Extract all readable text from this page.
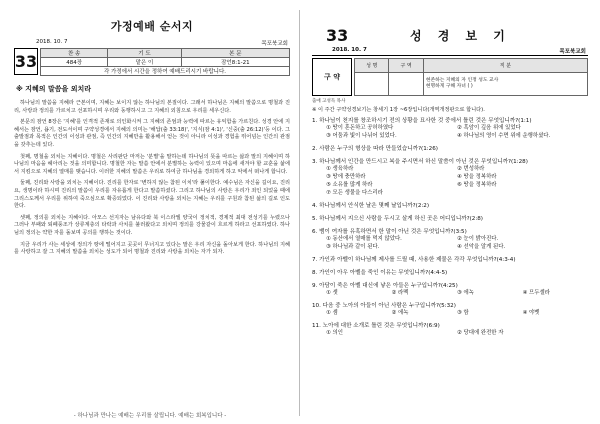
가정예배 순서지
2018. 10. 7	목포북교회
33	찬 송	기 도	본 문
484장	맡은 이	잠언8:1-21
각 가정에서 시간을 정하여 예배드리시기 바랍니다.		
※ 지혜의 말씀을 외치라

하나님의 말씀을 지혜라 근본이며, 지혜는 보이지 않는 하나님의 본질이다. 그래서 하나님은 지혜의 말씀으로 명철과 진리, 사랑과 정의를 가르치고 선포하시며 우리와 동행하시고 그 지혜의 외침으로 우리를 세우신다.

본문의 잠언 8장은 '지혜'를 인격적 존재로 의인화시켜 그 지혜의 존엄과 능력에 따르는 유익함을 가르친다. 성경 안에 지혜서는 잠언, 욥기, 전도서이며 구약성경에서 지혜의 의미는 '해답(출 33:18)', '지식(잠 4:1)', '신중(출 26:12)'등 이다. 그 출발점과 목적은 인간의 이성과 관점, 즉 인간의 지혜만을 활용해서 얻는 것이 아니라 이성과 경험을 뛰어넘는 인간의 관점을 갖추는데 있다.

첫째, 명철을 외치는 지혜이다. 명철은 사리판단 마저는 '분별'을 말하는데 하나님의 뜻을 따르는 삶과 말의 지혜이며 하나님의 마음을 헤아리는 것을 의미합니다. 명철한 자는 말씀 안에서 분별하는 능력이 있으며 마음에 새겨야 할 교훈을 삶에서 지킴으로 지혜의 열매를 맺습니다. 이러한 지혜의 말씀은 우리로 하여금 하나님을 경외하게 하고 악에서 떠나게 합니다.

둘째, 진리와 사랑을 외치는 지혜이다. 진리를 한자로 '변하지 않는 참된 이치'라 풀이한다. 예수님은 자신을 길이요, 진리요, 생명이라 하시며 진리의 말씀이 우리를 자유롭게 한다고 말씀하셨다. 그리고 하나님의 사랑은 우리가 죄인 되었을 때에 그리스도께서 우리를 위하여 죽으심으로 확증되었다. 이 진리와 사랑을 외치는 지혜는 우리를 구원과 참된 삶의 길로 인도한다.

셋째, 정의를 외치는 지혜이다. 아모스 선지자는 남유다와 북 이스라엘 양국이 정치적, 경제적 최대 전성기를 누렸으나 그러나 부패와 퇴폐풍조가 상류계층의 타락과 사치를 불러왔다고 외치며 정의를 강물같이 흐르게 하라고 선포하였다. 하나님의 정의는 약한 자를 돌보며 공의를 행하는 것이다.

지금 우리가 사는 세상에 정의가 땅에 떨어지고 곳곳이 무너지고 있다는 말은 우리 자신을 돌아보게 한다. 하나님의 지혜를 사랑하고 잘 그 지혜의 말씀을 외치는 성도가 되어 명철과 진리와 사랑을 외치는 자가 되자.

- 하나님과 만나는 예배는 우리를 살립니다. 예배는 회복입니다 -
33	성 경 보 기
2018. 10. 7	목포북교회
구 약
성 명	구 역	직 분

		현존하는 지혜의 자 인정 성도 교사
현명하게 구해 자녀 ( )
출애 고성득 목사
※ 이 주간 구약성경보기는 창세기 1장 ~6장입니다(개역개정판으로 합니다).
1. 하나님이 천지를 창조하시기 전의 상황을 묘사한 것 중에서 틀린 것은 무엇입니까?(1:1)
① 땅이 혼돈하고 공허하였다	② 흑암이 깊음 위에 있었다
③ 어둠과 빛이 나뉘어 있었다.	④ 하나님의 영이 수면 위에 운행하셨다.
2. 사람은 누구의 형상을 따라 만들었습니까?(1:26)
3. 하나님께서 인간을 만드시고 복을 주시면서 하신 말씀이 아닌 것은 무엇입니까?(1:28)
① 생육하라	② 번성하라
③ 땅에 충만하라	④ 땅을 정복하라
⑤ 소유를 많게 하라	⑥ 땅을 정복하라
⑦ 모든 생물을 다스리라
4. 하나님께서 안식한 날은 몇째 날입니까?(2:2)
5. 하나님께서 지으신 사람을 두시고 살게 하신 곳은 어디입니까?(2:8)
6. 뱀이 여자를 유혹하면서 한 말이 아닌 것은 무엇입니까?(3:5)
① 동산에서 열매를 먹지 않았다.	② 눈이 밝아진다.
③ 하나님과 같이 된다.	④ 선악을 알게 된다.
7. 가인과 아벨이 하나님께 제사를 드릴 때, 사용한 제물은 각각 무엇입니까?(4:3-4)
8. 가인이 아우 아벨을 죽인 이유는 무엇입니까?(4:4-5)
9. 아담이 죽은 아벨 대신에 낳은 아들은 누구입니까?(4:25)
① 셋	② 라멕	③ 에녹	④ 므두셀라
10. 다음 중 노아의 아들이 아닌 사람은 누구입니까?(5:32)
① 셈	② 에녹	③ 함	④ 야벳
11. 노아에 대한 소개로 틀린 것은 무엇입니까?(6:9)
① 의인	② 당대에 완전한 자
